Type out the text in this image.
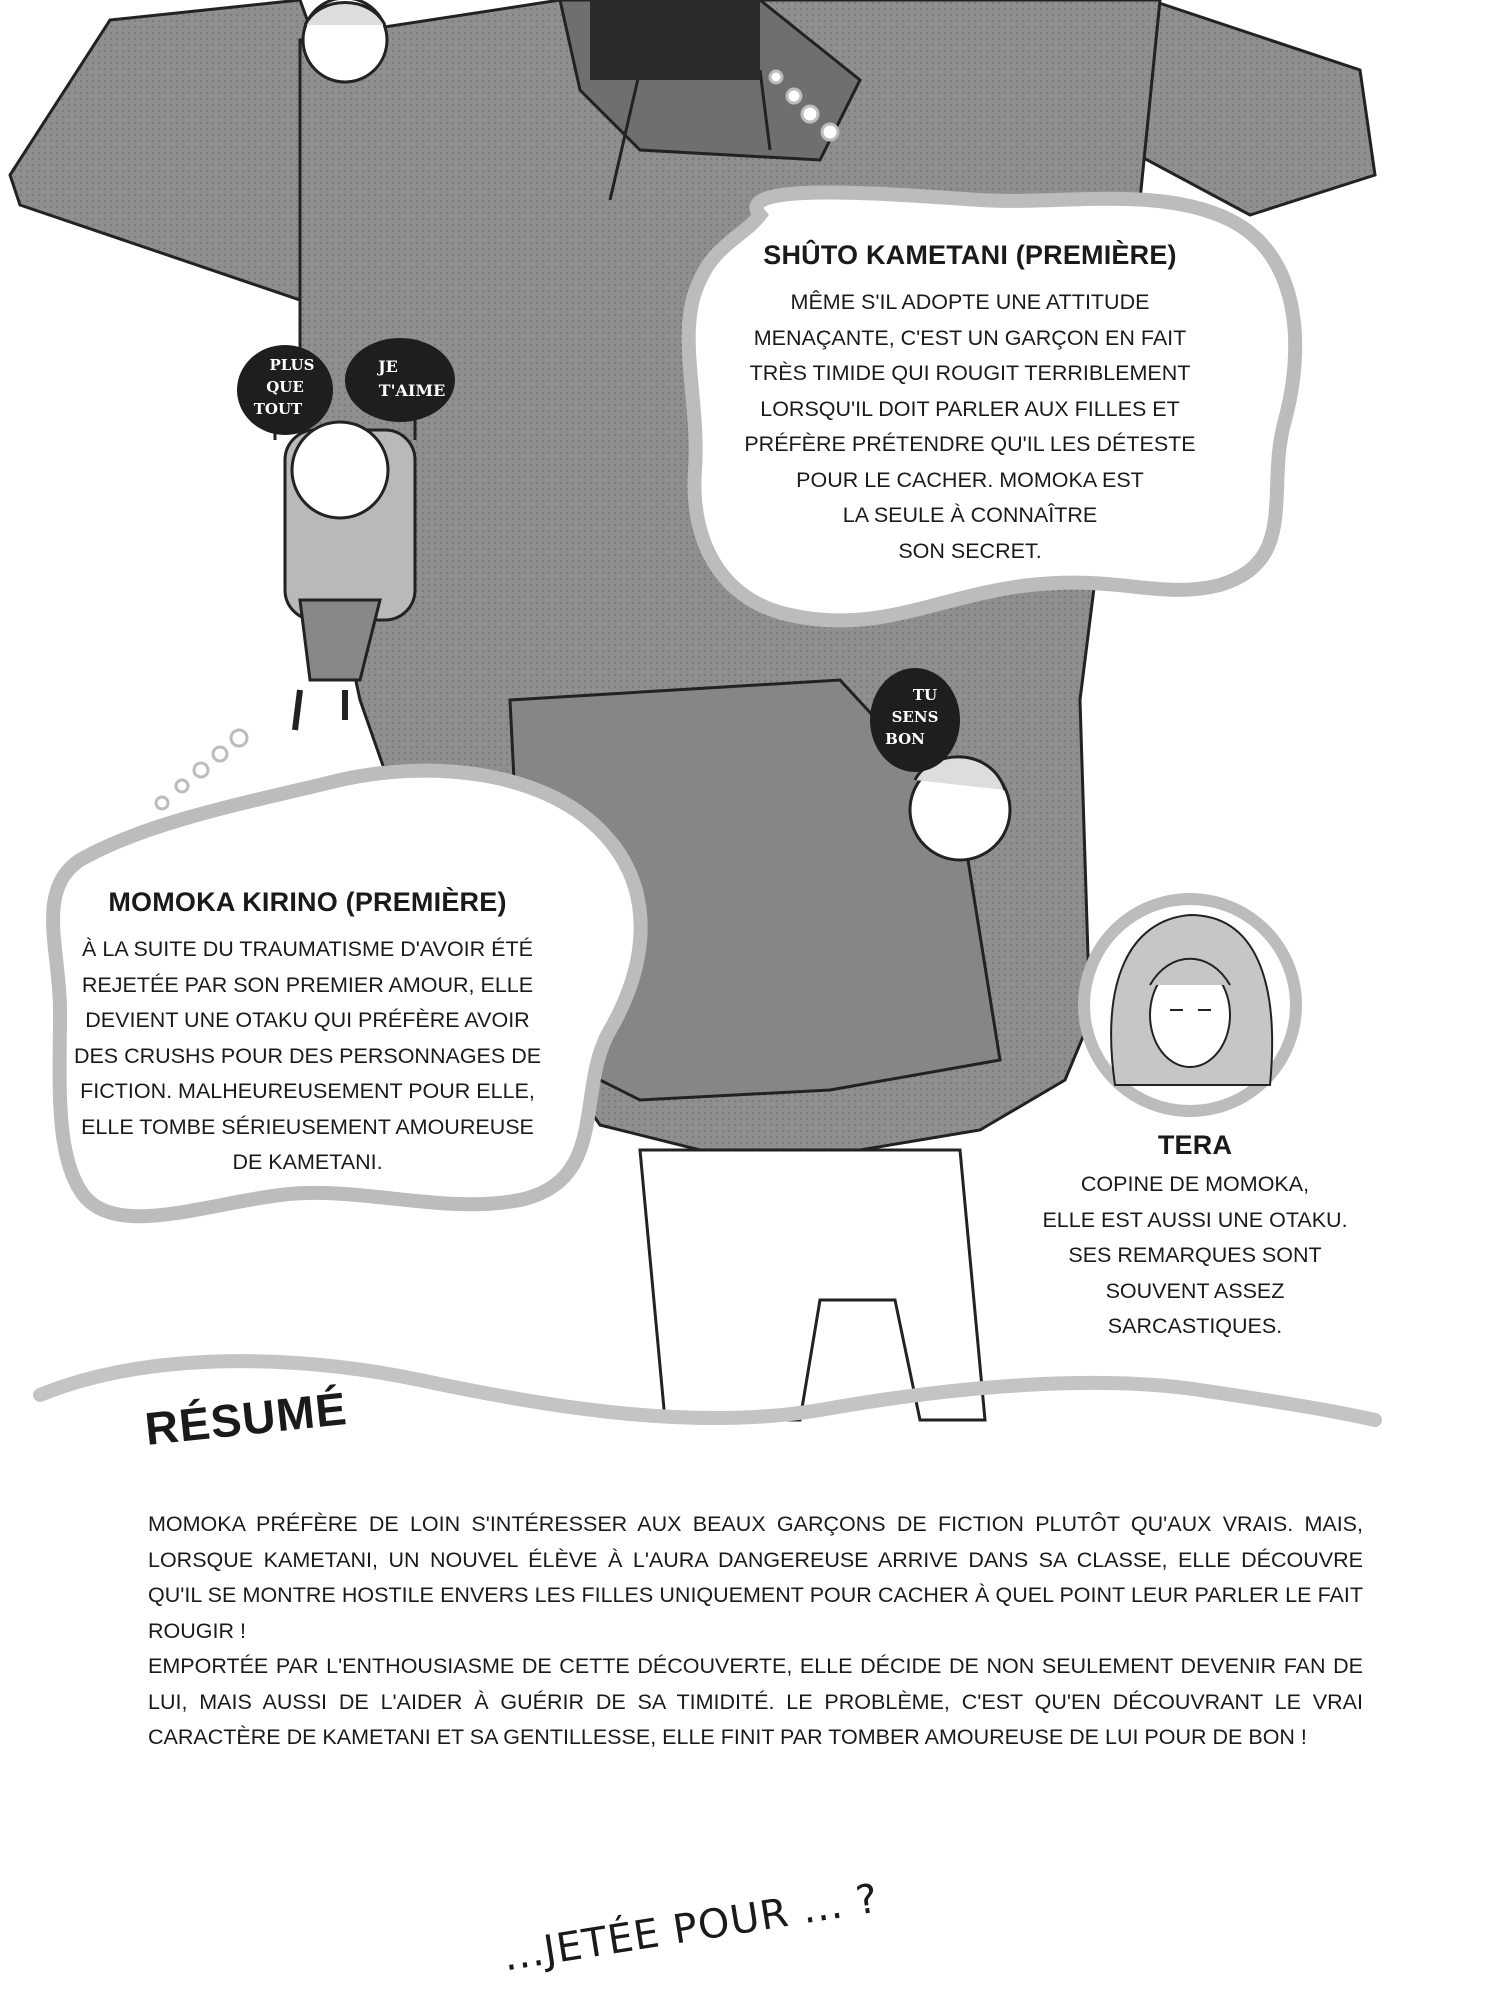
PLUS
QUE
TOUT
JE
T'AIME
TU
SENS
BON

SHÛTO KAMETANI (PREMIÈRE)

MÊME S'IL ADOPTE UNE ATTITUDE

MENAÇANTE, C'EST UN GARÇON EN FAIT

TRÈS TIMIDE QUI ROUGIT TERRIBLEMENT

LORSQU'IL DOIT PARLER AUX FILLES ET

PRÉFÈRE PRÉTENDRE QU'IL LES DÉTESTE

POUR LE CACHER. MOMOKA EST

LA SEULE À CONNAÎTRE

SON SECRET.

MOMOKA KIRINO (PREMIÈRE)

À LA SUITE DU TRAUMATISME D'AVOIR ÉTÉ

REJETÉE PAR SON PREMIER AMOUR, ELLE

DEVIENT UNE OTAKU QUI PRÉFÈRE AVOIR

DES CRUSHS POUR DES PERSONNAGES DE

FICTION. MALHEUREUSEMENT POUR ELLE,

ELLE TOMBE SÉRIEUSEMENT AMOUREUSE

DE KAMETANI.

TERA

COPINE DE MOMOKA,

ELLE EST AUSSI UNE OTAKU.

SES REMARQUES SONT

SOUVENT ASSEZ

SARCASTIQUES.

RÉSUMÉ

MOMOKA PRÉFÈRE DE LOIN S'INTÉRESSER AUX BEAUX GARÇONS DE FICTION PLUTÔT QU'AUX VRAIS. MAIS, LORSQUE KAMETANI, UN NOUVEL ÉLÈVE À L'AURA DANGEREUSE ARRIVE DANS SA CLASSE, ELLE DÉCOUVRE QU'IL SE MONTRE HOSTILE ENVERS LES FILLES UNIQUEMENT POUR CACHER À QUEL POINT LEUR PARLER LE FAIT ROUGIR !

EMPORTÉE PAR L'ENTHOUSIASME DE CETTE DÉCOUVERTE, ELLE DÉCIDE DE NON SEULEMENT DEVENIR FAN DE LUI, MAIS AUSSI DE L'AIDER À GUÉRIR DE SA TIMIDITÉ. LE PROBLÈME, C'EST QU'EN DÉCOUVRANT LE VRAI CARACTÈRE DE KAMETANI ET SA GENTILLESSE, ELLE FINIT PAR TOMBER AMOUREUSE DE LUI POUR DE BON !

...JETÉE POUR ... ?
